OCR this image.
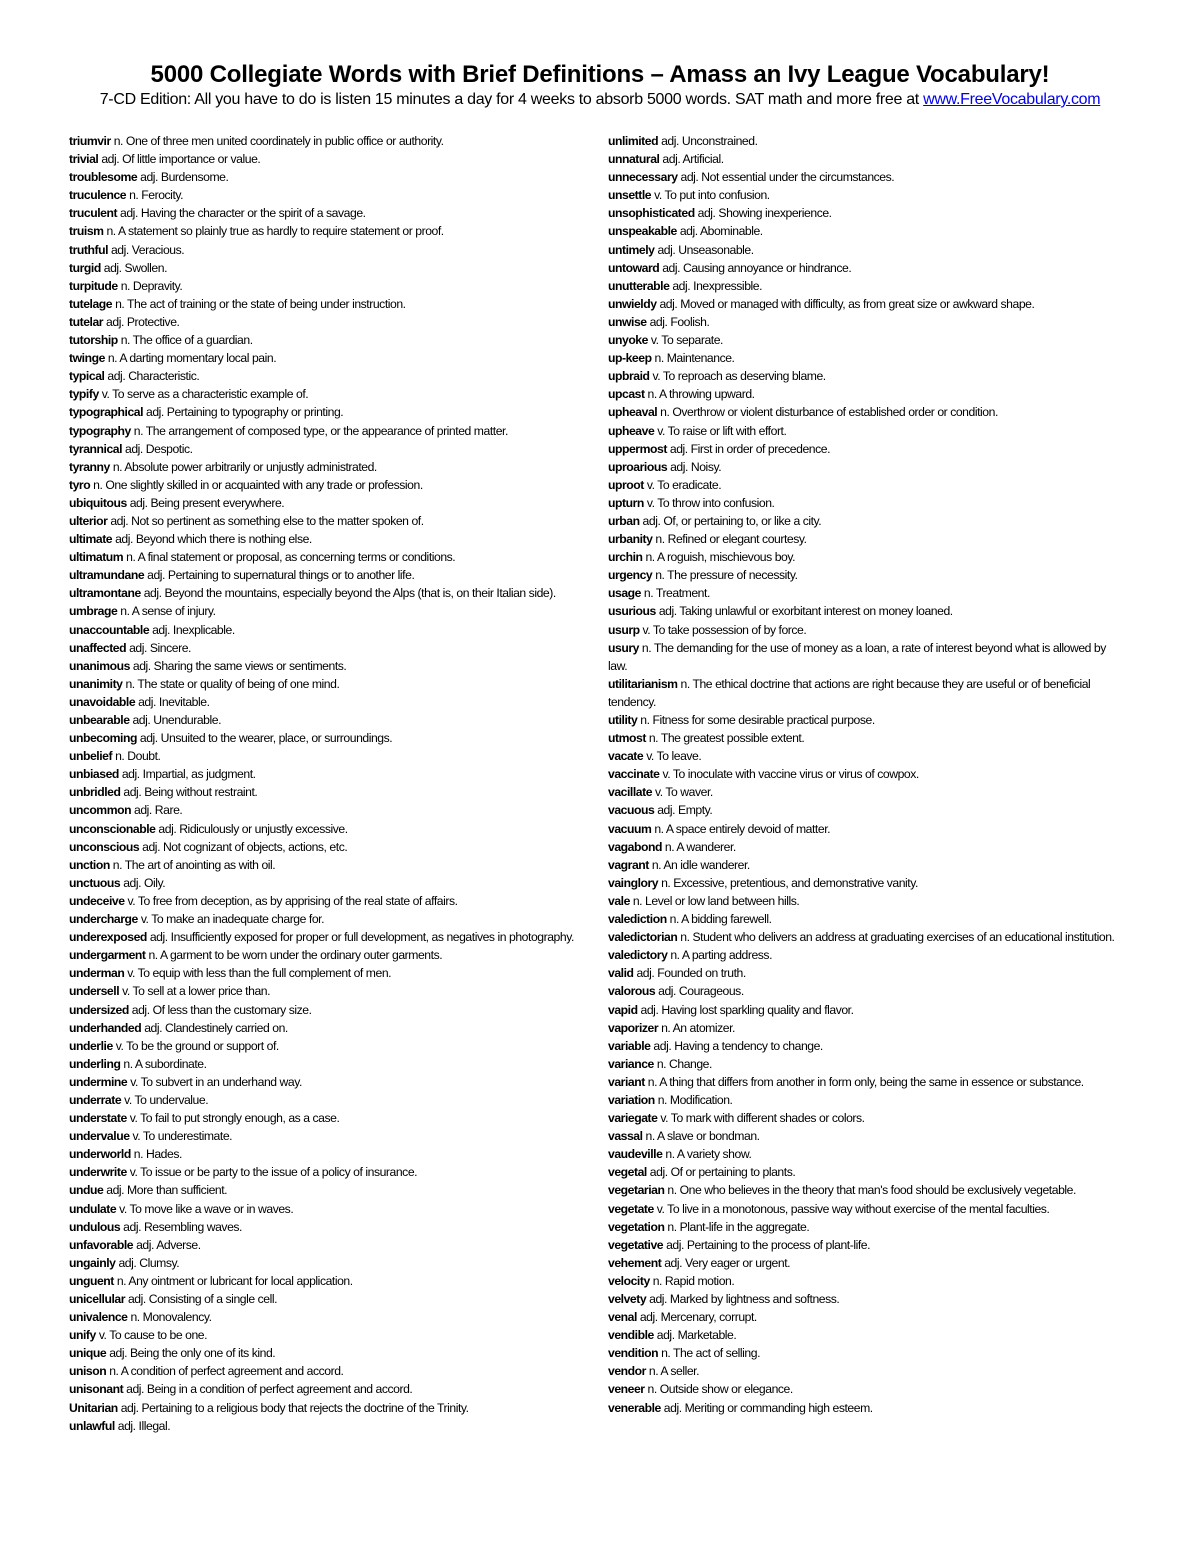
5000 Collegiate Words with Brief Definitions – Amass an Ivy League Vocabulary!
7-CD Edition: All you have to do is listen 15 minutes a day for 4 weeks to absorb 5000 words. SAT math and more free at www.FreeVocabulary.com
triumvir n. One of three men united coordinately in public office or authority.
trivial adj. Of little importance or value.
troublesome adj. Burdensome.
truculence n. Ferocity.
truculent adj. Having the character or the spirit of a savage.
truism n. A statement so plainly true as hardly to require statement or proof.
truthful adj. Veracious.
turgid adj. Swollen.
turpitude n. Depravity.
tutelage n. The act of training or the state of being under instruction.
tutelar adj. Protective.
tutorship n. The office of a guardian.
twinge n. A darting momentary local pain.
typical adj. Characteristic.
typify v. To serve as a characteristic example of.
typographical adj. Pertaining to typography or printing.
typography n. The arrangement of composed type, or the appearance of printed matter.
tyrannical adj. Despotic.
tyranny n. Absolute power arbitrarily or unjustly administrated.
tyro n. One slightly skilled in or acquainted with any trade or profession.
ubiquitous adj. Being present everywhere.
ulterior adj. Not so pertinent as something else to the matter spoken of.
ultimate adj. Beyond which there is nothing else.
ultimatum n. A final statement or proposal, as concerning terms or conditions.
ultramundane adj. Pertaining to supernatural things or to another life.
ultramontane adj. Beyond the mountains, especially beyond the Alps (that is, on their Italian side).
umbrage n. A sense of injury.
unaccountable adj. Inexplicable.
unaffected adj. Sincere.
unanimous adj. Sharing the same views or sentiments.
unanimity n. The state or quality of being of one mind.
unavoidable adj. Inevitable.
unbearable adj. Unendurable.
unbecoming adj. Unsuited to the wearer, place, or surroundings.
unbelief n. Doubt.
unbiased adj. Impartial, as judgment.
unbridled adj. Being without restraint.
uncommon adj. Rare.
unconscionable adj. Ridiculously or unjustly excessive.
unconscious adj. Not cognizant of objects, actions, etc.
unction n. The art of anointing as with oil.
unctuous adj. Oily.
undeceive v. To free from deception, as by apprising of the real state of affairs.
undercharge v. To make an inadequate charge for.
underexposed adj. Insufficiently exposed for proper or full development, as negatives in photography.
undergarment n. A garment to be worn under the ordinary outer garments.
underman v. To equip with less than the full complement of men.
undersell v. To sell at a lower price than.
undersized adj. Of less than the customary size.
underhanded adj. Clandestinely carried on.
underlie v. To be the ground or support of.
underling n. A subordinate.
undermine v. To subvert in an underhand way.
underrate v. To undervalue.
understate v. To fail to put strongly enough, as a case.
undervalue v. To underestimate.
underworld n. Hades.
underwrite v. To issue or be party to the issue of a policy of insurance.
undue adj. More than sufficient.
undulate v. To move like a wave or in waves.
undulous adj. Resembling waves.
unfavorable adj. Adverse.
ungainly adj. Clumsy.
unguent n. Any ointment or lubricant for local application.
unicellular adj. Consisting of a single cell.
univalence n. Monovalency.
unify v. To cause to be one.
unique adj. Being the only one of its kind.
unison n. A condition of perfect agreement and accord.
unisonant adj. Being in a condition of perfect agreement and accord.
Unitarian adj. Pertaining to a religious body that rejects the doctrine of the Trinity.
unlawful adj. Illegal.
unlimited adj. Unconstrained.
unnatural adj. Artificial.
unnecessary adj. Not essential under the circumstances.
unsettle v. To put into confusion.
unsophisticated adj. Showing inexperience.
unspeakable adj. Abominable.
untimely adj. Unseasonable.
untoward adj. Causing annoyance or hindrance.
unutterable adj. Inexpressible.
unwieldy adj. Moved or managed with difficulty, as from great size or awkward shape.
unwise adj. Foolish.
unyoke v. To separate.
up-keep n. Maintenance.
upbraid v. To reproach as deserving blame.
upcast n. A throwing upward.
upheaval n. Overthrow or violent disturbance of established order or condition.
upheave v. To raise or lift with effort.
uppermost adj. First in order of precedence.
uproarious adj. Noisy.
uproot v. To eradicate.
upturn v. To throw into confusion.
urban adj. Of, or pertaining to, or like a city.
urbanity n. Refined or elegant courtesy.
urchin n. A roguish, mischievous boy.
urgency n. The pressure of necessity.
usage n. Treatment.
usurious adj. Taking unlawful or exorbitant interest on money loaned.
usurp v. To take possession of by force.
usury n. The demanding for the use of money as a loan, a rate of interest beyond what is allowed by law.
utilitarianism n. The ethical doctrine that actions are right because they are useful or of beneficial tendency.
utility n. Fitness for some desirable practical purpose.
utmost n. The greatest possible extent.
vacate v. To leave.
vaccinate v. To inoculate with vaccine virus or virus of cowpox.
vacillate v. To waver.
vacuous adj. Empty.
vacuum n. A space entirely devoid of matter.
vagabond n. A wanderer.
vagrant n. An idle wanderer.
vainglory n. Excessive, pretentious, and demonstrative vanity.
vale n. Level or low land between hills.
valediction n. A bidding farewell.
valedictorian n. Student who delivers an address at graduating exercises of an educational institution.
valedictory n. A parting address.
valid adj. Founded on truth.
valorous adj. Courageous.
vapid adj. Having lost sparkling quality and flavor.
vaporizer n. An atomizer.
variable adj. Having a tendency to change.
variance n. Change.
variant n. A thing that differs from another in form only, being the same in essence or substance.
variation n. Modification.
variegate v. To mark with different shades or colors.
vassal n. A slave or bondman.
vaudeville n. A variety show.
vegetal adj. Of or pertaining to plants.
vegetarian n. One who believes in the theory that man's food should be exclusively vegetable.
vegetate v. To live in a monotonous, passive way without exercise of the mental faculties.
vegetation n. Plant-life in the aggregate.
vegetative adj. Pertaining to the process of plant-life.
vehement adj. Very eager or urgent.
velocity n. Rapid motion.
velvety adj. Marked by lightness and softness.
venal adj. Mercenary, corrupt.
vendible adj. Marketable.
vendition n. The act of selling.
vendor n. A seller.
veneer n. Outside show or elegance.
venerable adj. Meriting or commanding high esteem.
